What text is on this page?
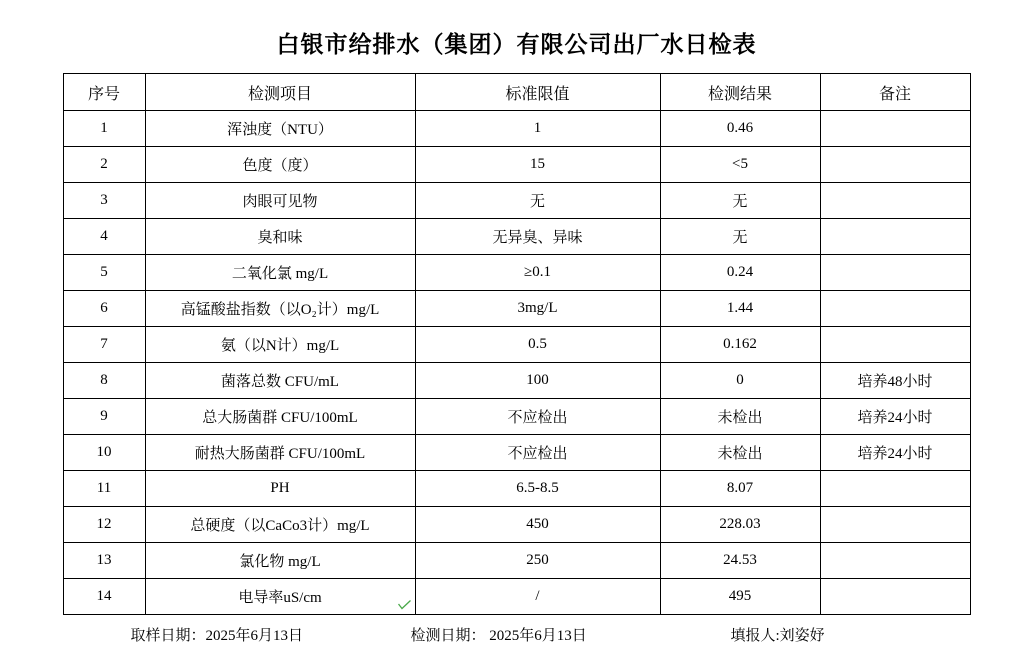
白银市给排水（集团）有限公司出厂水日检表
序号	检测项目	标准限值	检测结果	备注
1	浑浊度（NTU）	1	0.46	
2	色度（度）	15	<5	
3	肉眼可见物	无	无	
4	臭和味	无异臭、异味	无	
5	二氧化氯 mg/L	≥0.1	0.24	
6	高锰酸盐指数（以O₂计）mg/L	3mg/L	1.44	
7	氨（以N计）mg/L	0.5	0.162	
8	菌落总数 CFU/mL	100	0	培养48小时
9	总大肠菌群 CFU/100mL	不应检出	未检出	培养24小时
10	耐热大肠菌群 CFU/100mL	不应检出	未检出	培养24小时
11	PH	6.5-8.5	8.07	
12	总硬度（以CaCo3计）mg/L	450	228.03	
13	氯化物 mg/L	250	24.53	
14	电导率uS/cm	/	495	
取样日期：2025年6月13日	检测日期： 2025年6月13日	填报人:刘姿妤
